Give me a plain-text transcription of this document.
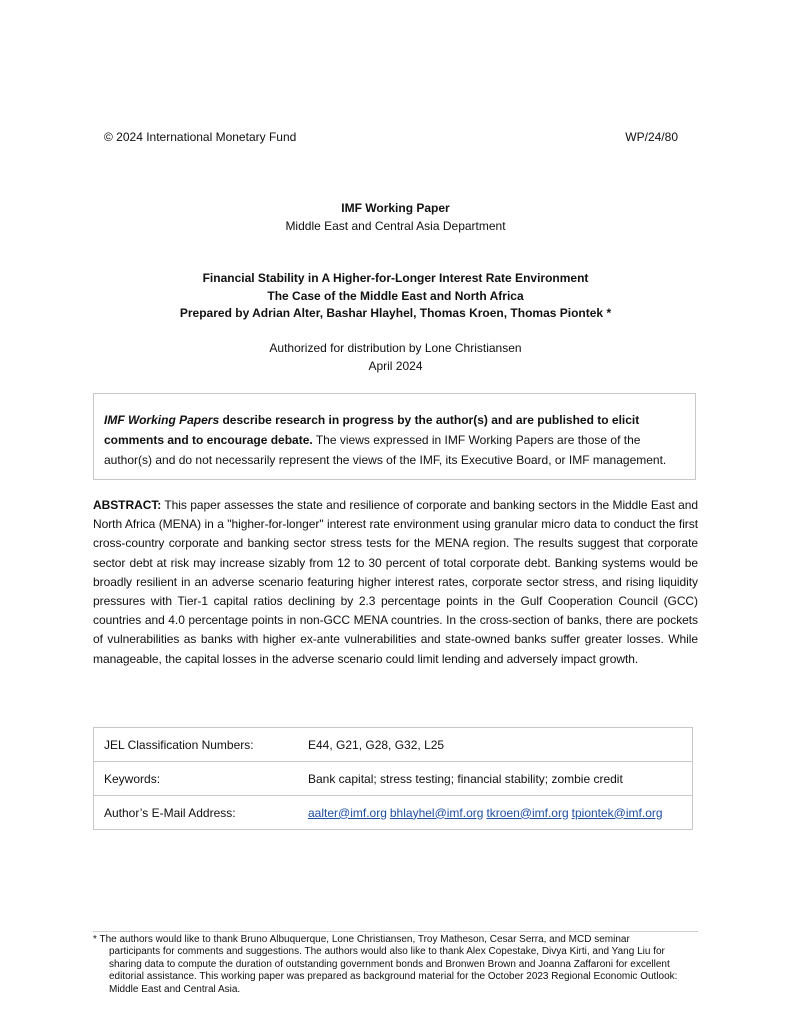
© 2024 International Monetary Fund	WP/24/80
IMF Working Paper
Middle East and Central Asia Department
Financial Stability in A Higher-for-Longer Interest Rate Environment
The Case of the Middle East and North Africa
Prepared by Adrian Alter, Bashar Hlayhel, Thomas Kroen, Thomas Piontek *
Authorized for distribution by Lone Christiansen
April 2024
IMF Working Papers describe research in progress by the author(s) and are published to elicit comments and to encourage debate. The views expressed in IMF Working Papers are those of the author(s) and do not necessarily represent the views of the IMF, its Executive Board, or IMF management.
ABSTRACT: This paper assesses the state and resilience of corporate and banking sectors in the Middle East and North Africa (MENA) in a "higher-for-longer" interest rate environment using granular micro data to conduct the first cross-country corporate and banking sector stress tests for the MENA region. The results suggest that corporate sector debt at risk may increase sizably from 12 to 30 percent of total corporate debt. Banking systems would be broadly resilient in an adverse scenario featuring higher interest rates, corporate sector stress, and rising liquidity pressures with Tier-1 capital ratios declining by 2.3 percentage points in the Gulf Cooperation Council (GCC) countries and 4.0 percentage points in non-GCC MENA countries. In the cross-section of banks, there are pockets of vulnerabilities as banks with higher ex-ante vulnerabilities and state-owned banks suffer greater losses. While manageable, the capital losses in the adverse scenario could limit lending and adversely impact growth.
JEL Classification Numbers:	E44, G21, G28, G32, L25
Keywords:	Bank capital; stress testing; financial stability; zombie credit
Author’s E-Mail Address:	aalter@imf.org bhlayhel@imf.org tkroen@imf.org tpiontek@imf.org
* The authors would like to thank Bruno Albuquerque, Lone Christiansen, Troy Matheson, Cesar Serra, and MCD seminar
participants for comments and suggestions. The authors would also like to thank Alex Copestake, Divya Kirti, and Yang Liu for sharing data to compute the duration of outstanding government bonds and Bronwen Brown and Joanna Zaffaroni for excellent editorial assistance. This working paper was prepared as background material for the October 2023 Regional Economic Outlook: Middle East and Central Asia.
